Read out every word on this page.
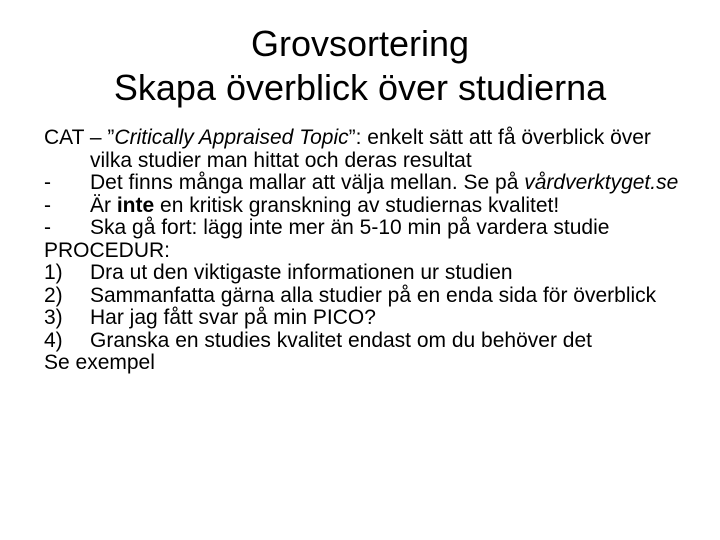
Grovsortering
Skapa överblick över studierna

CAT – ”Critically Appraised Topic”: enkelt sätt att få överblick över vilka studier man hittat och deras resultat

- Det finns många mallar att välja mellan. Se på vårdverktyget.se

- Är inte en kritisk granskning av studiernas kvalitet!

- Ska gå fort: lägg inte mer än 5-10 min på vardera studie

PROCEDUR:

1) Dra ut den viktigaste informationen ur studien

2) Sammanfatta gärna alla studier på en enda sida för överblick

3) Har jag fått svar på min PICO?

4) Granska en studies kvalitet endast om du behöver det

Se exempel
